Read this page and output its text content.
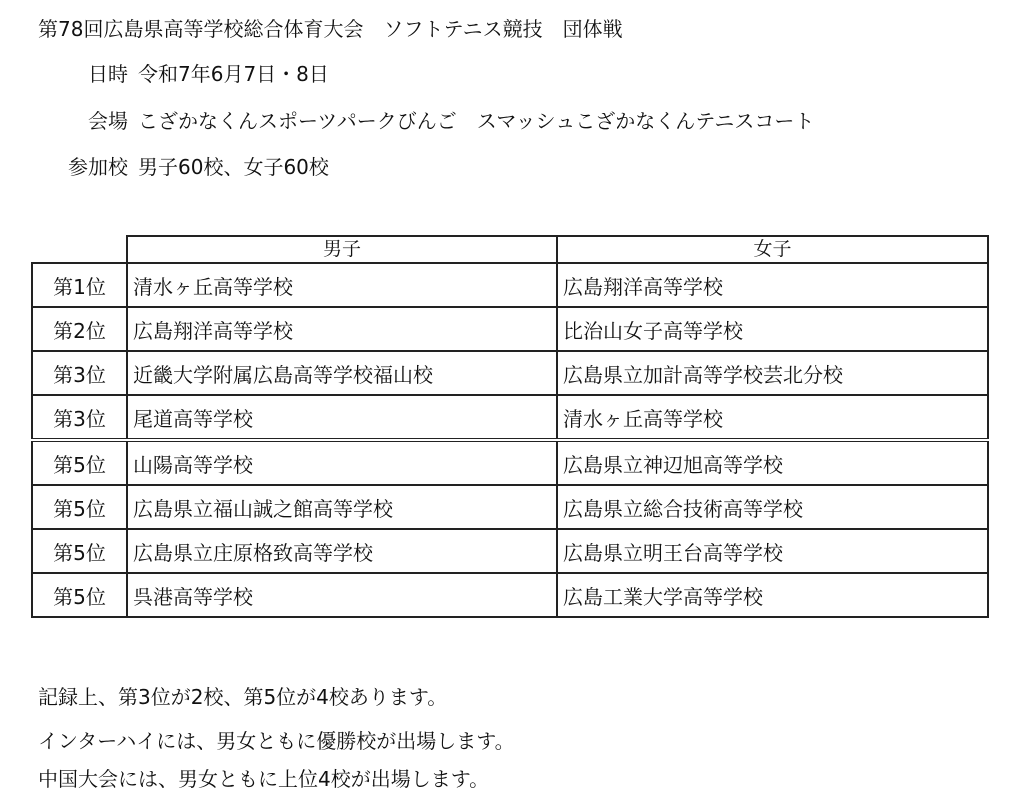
第78回広島県高等学校総合体育大会　ソフトテニス競技　団体戦
日時 令和7年6月7日・8日
会場 こざかなくんスポーツパークびんご　スマッシュこざかなくんテニスコート
参加校 男子60校、女子60校
	男子	女子
第1位	清水ヶ丘高等学校	広島翔洋高等学校
第2位	広島翔洋高等学校	比治山女子高等学校
第3位	近畿大学附属広島高等学校福山校	広島県立加計高等学校芸北分校
第3位	尾道高等学校	清水ヶ丘高等学校
第5位	山陽高等学校	広島県立神辺旭高等学校
第5位	広島県立福山誠之館高等学校	広島県立総合技術高等学校
第5位	広島県立庄原格致高等学校	広島県立明王台高等学校
第5位	呉港高等学校	広島工業大学高等学校
記録上、第3位が2校、第5位が4校あります。
インターハイには、男女ともに優勝校が出場します。
中国大会には、男女ともに上位4校が出場します。
